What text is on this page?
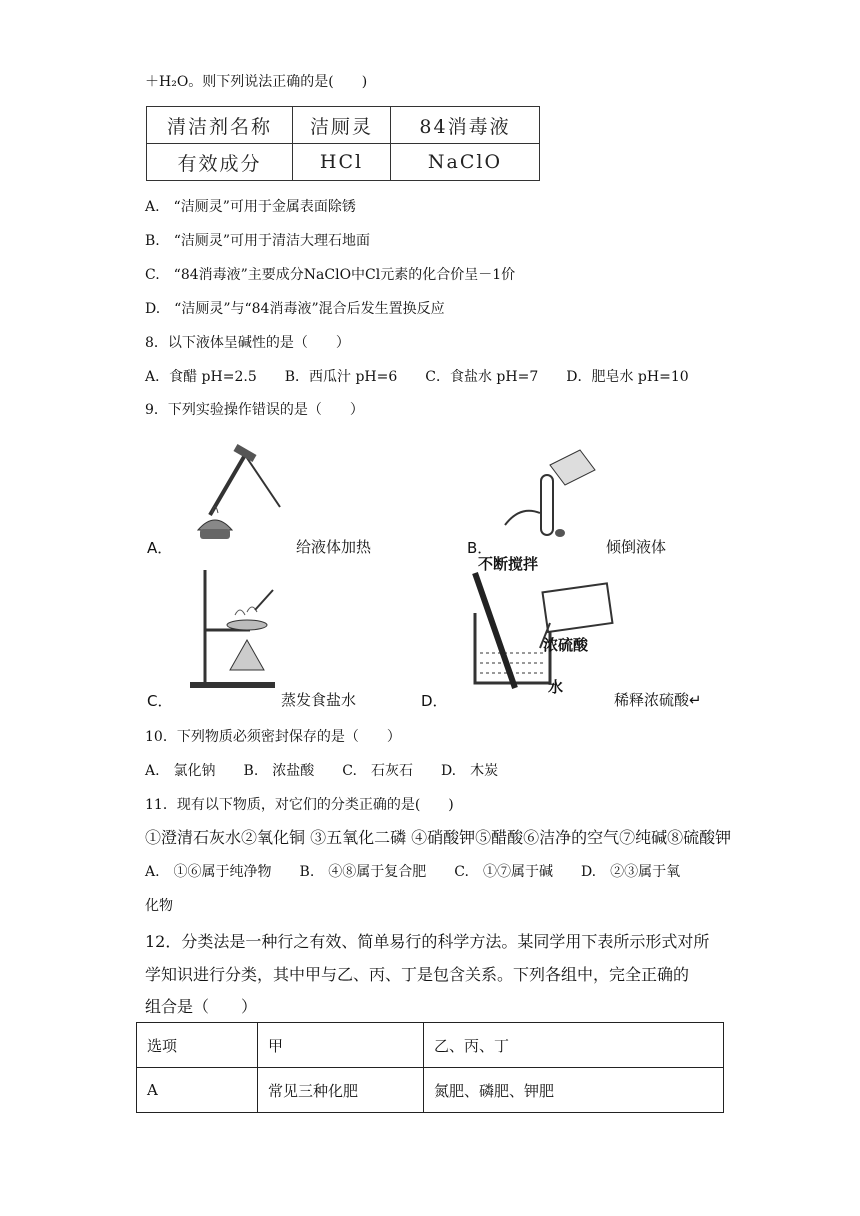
＋H₂O。则下列说法正确的是(　　)
清洁剂名称	洁厕灵	84消毒液
有效成分	HCl	NaClO
A.　“洁厕灵”可用于金属表面除锈
B.　“洁厕灵”可用于清洁大理石地面
C.　“84消毒液”主要成分NaClO中Cl元素的化合价呈－1价
D.　“洁厕灵”与“84消毒液”混合后发生置换反应
8．以下液体呈碱性的是（　　）
A．食醋 pH=2.5　　B．西瓜汁 pH=6　　C．食盐水 pH=7　　D．肥皂水 pH=10
9．下列实验操作错误的是（　　）
A．	给液体加热	B．	倾倒液体
C．	蒸发食盐水
不断搅拌
浓硫酸
水
D．	稀释浓硫酸↵
10．下列物质必须密封保存的是（　　）
A.　氯化钠　　B.　浓盐酸　　C.　石灰石　　D.　木炭
11．现有以下物质，对它们的分类正确的是(　　)
①澄清石灰水②氧化铜 ③五氧化二磷 ④硝酸钾⑤醋酸⑥洁净的空气⑦纯碱⑧硫酸钾
A.　①⑥属于纯净物　　B.　④⑧属于复合肥　　C.　①⑦属于碱　　D.　②③属于氧
化物
12．分类法是一种行之有效、简单易行的科学方法。某同学用下表所示形式对所
学知识进行分类，其中甲与乙、丙、丁是包含关系。下列各组中，完全正确的
组合是（　　）
选项	甲	乙、丙、丁
A	常见三种化肥	氮肥、磷肥、钾肥
